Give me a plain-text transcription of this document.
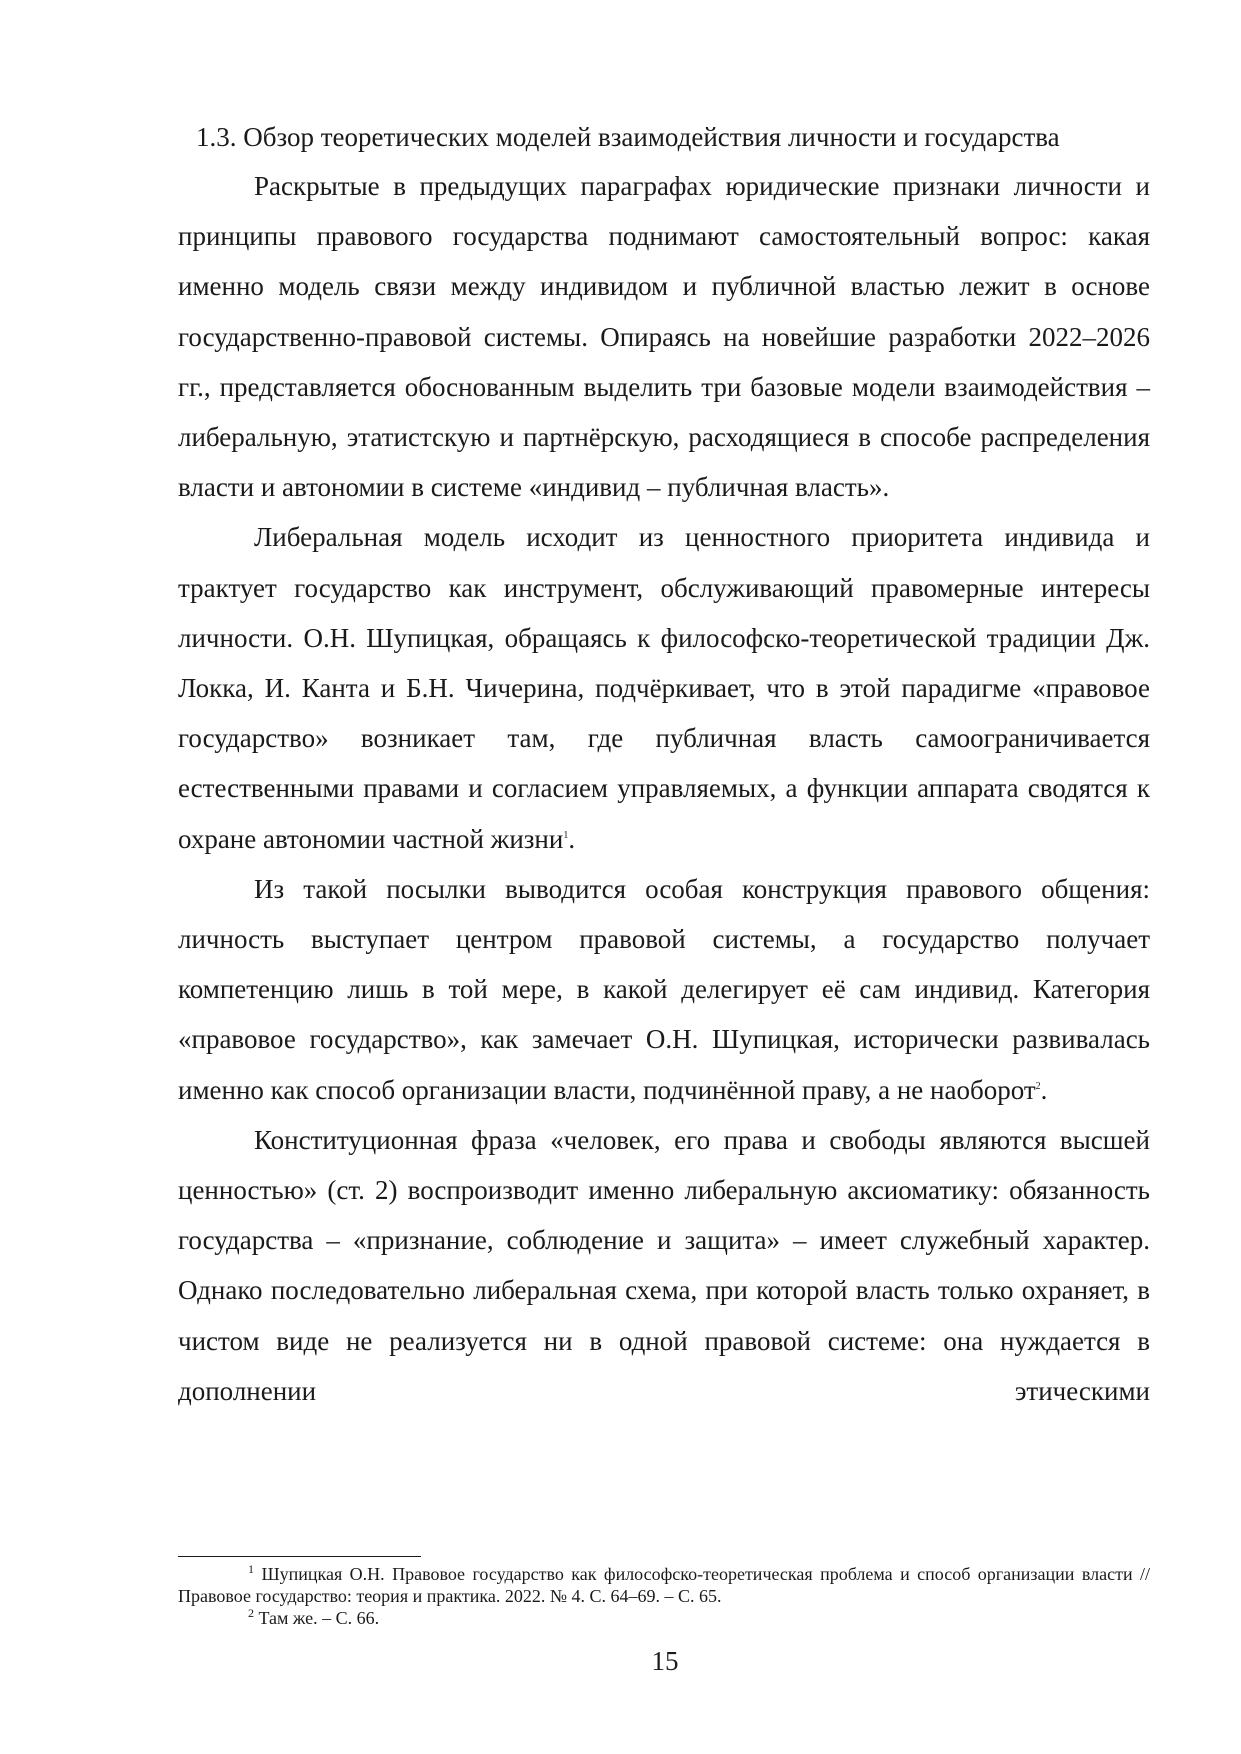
1.3. Обзор теоретических моделей взаимодействия личности и государства

Раскрытые в предыдущих параграфах юридические признаки личности и принципы правового государства поднимают самостоятельный вопрос: какая именно модель связи между индивидом и публичной властью лежит в основе государственно-правовой системы. Опираясь на новейшие разработки 2022–2026 гг., представляется обоснованным выделить три базовые модели взаимодействия – либеральную, этатистскую и партнёрскую, расходящиеся в способе распределения власти и автономии в системе «индивид – публичная власть».

Либеральная модель исходит из ценностного приоритета индивида и трактует государство как инструмент, обслуживающий правомерные интересы личности. О.Н. Шупицкая, обращаясь к философско-теоретической традиции Дж. Локка, И. Канта и Б.Н. Чичерина, подчёркивает, что в этой парадигме «правовое государство» возникает там, где публичная власть самоограничивается естественными правами и согласием управляемых, а функции аппарата сводятся к охране автономии частной жизни$^1$.

Из такой посылки выводится особая конструкция правового общения: личность выступает центром правовой системы, а государство получает компетенцию лишь в той мере, в какой делегирует её сам индивид. Категория «правовое государство», как замечает О.Н. Шупицкая, исторически развивалась именно как способ организации власти, подчинённой праву, а не наоборот$^2$.

Конституционная фраза «человек, его права и свободы являются высшей ценностью» (ст. 2) воспроизводит именно либеральную аксиоматику: обязанность государства – «признание, соблюдение и защита» – имеет служебный характер. Однако последовательно либеральная схема, при которой власть только охраняет, в чистом виде не реализуется ни в одной правовой системе: она нуждается в дополнении этическими

$^1$ Шупицкая О.Н. Правовое государство как философско-теоретическая проблема и способ организации власти // Правовое государство: теория и практика. 2022. № 4. С. 64–69. – С. 65.

$^2$ Там же. – С. 66.

15
